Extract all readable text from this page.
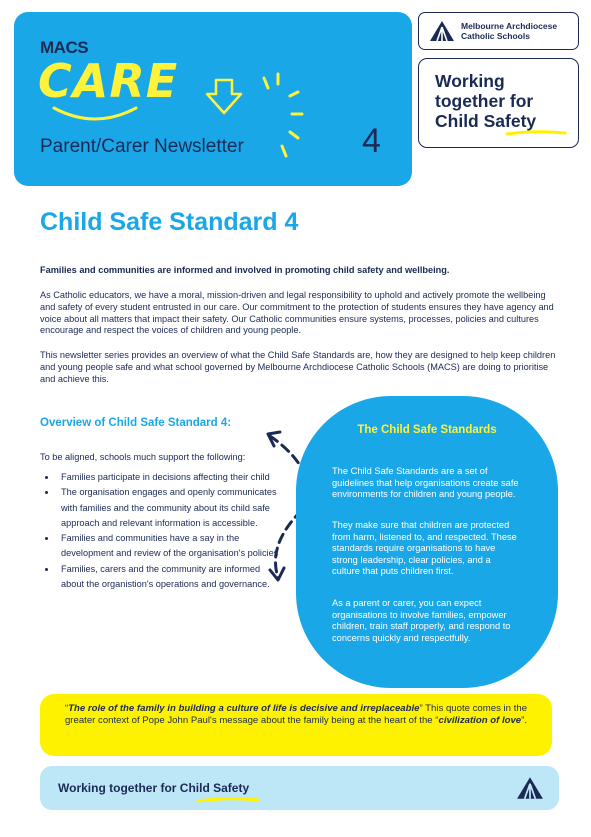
MACS
CARE
Parent/Carer Newsletter	4
Melbourne Archdiocese
Catholic Schools
Working
together for
Child Safety
Child Safe Standard 4
Families and communities are informed and involved in promoting child safety and wellbeing.
As Catholic educators, we have a moral, mission-driven and legal responsibility to uphold and actively promote the wellbeing and safety of every student entrusted in our care. Our commitment to the protection of students ensures they have agency and voice about all matters that impact their safety. Our Catholic communities ensure systems, processes, policies and cultures encourage and respect the voices of children and young people.
This newsletter series provides an overview of what the Child Safe Standards are, how they are designed to help keep children and young people safe and what school governed by Melbourne Archdiocese Catholic Schools (MACS) are doing to prioritise and achieve this.
Overview of Child Safe Standard 4:
To be aligned, schools much support the following:
• Families participate in decisions affecting their child
• The organisation engages and openly communicates with families and the community about its child safe approach and relevant information is accessible.
• Families and communities have a say in the development and review of the organisation's policies
• Families, carers and the community are informed about the organistion's operations and governance.
The Child Safe Standards
The Child Safe Standards are a set of guidelines that help organisations create safe environments for children and young people.
They make sure that children are protected from harm, listened to, and respected. These standards require organisations to have strong leadership, clear policies, and a culture that puts children first.
As a parent or carer, you can expect organisations to involve families, empower children, train staff properly, and respond to concerns quickly and respectfully.
“The role of the family in building a culture of life is decisive and irreplaceable” This quote comes in the greater context of Pope John Paul's message about the family being at the heart of the “civilization of love”.
Working together for Child Safety
